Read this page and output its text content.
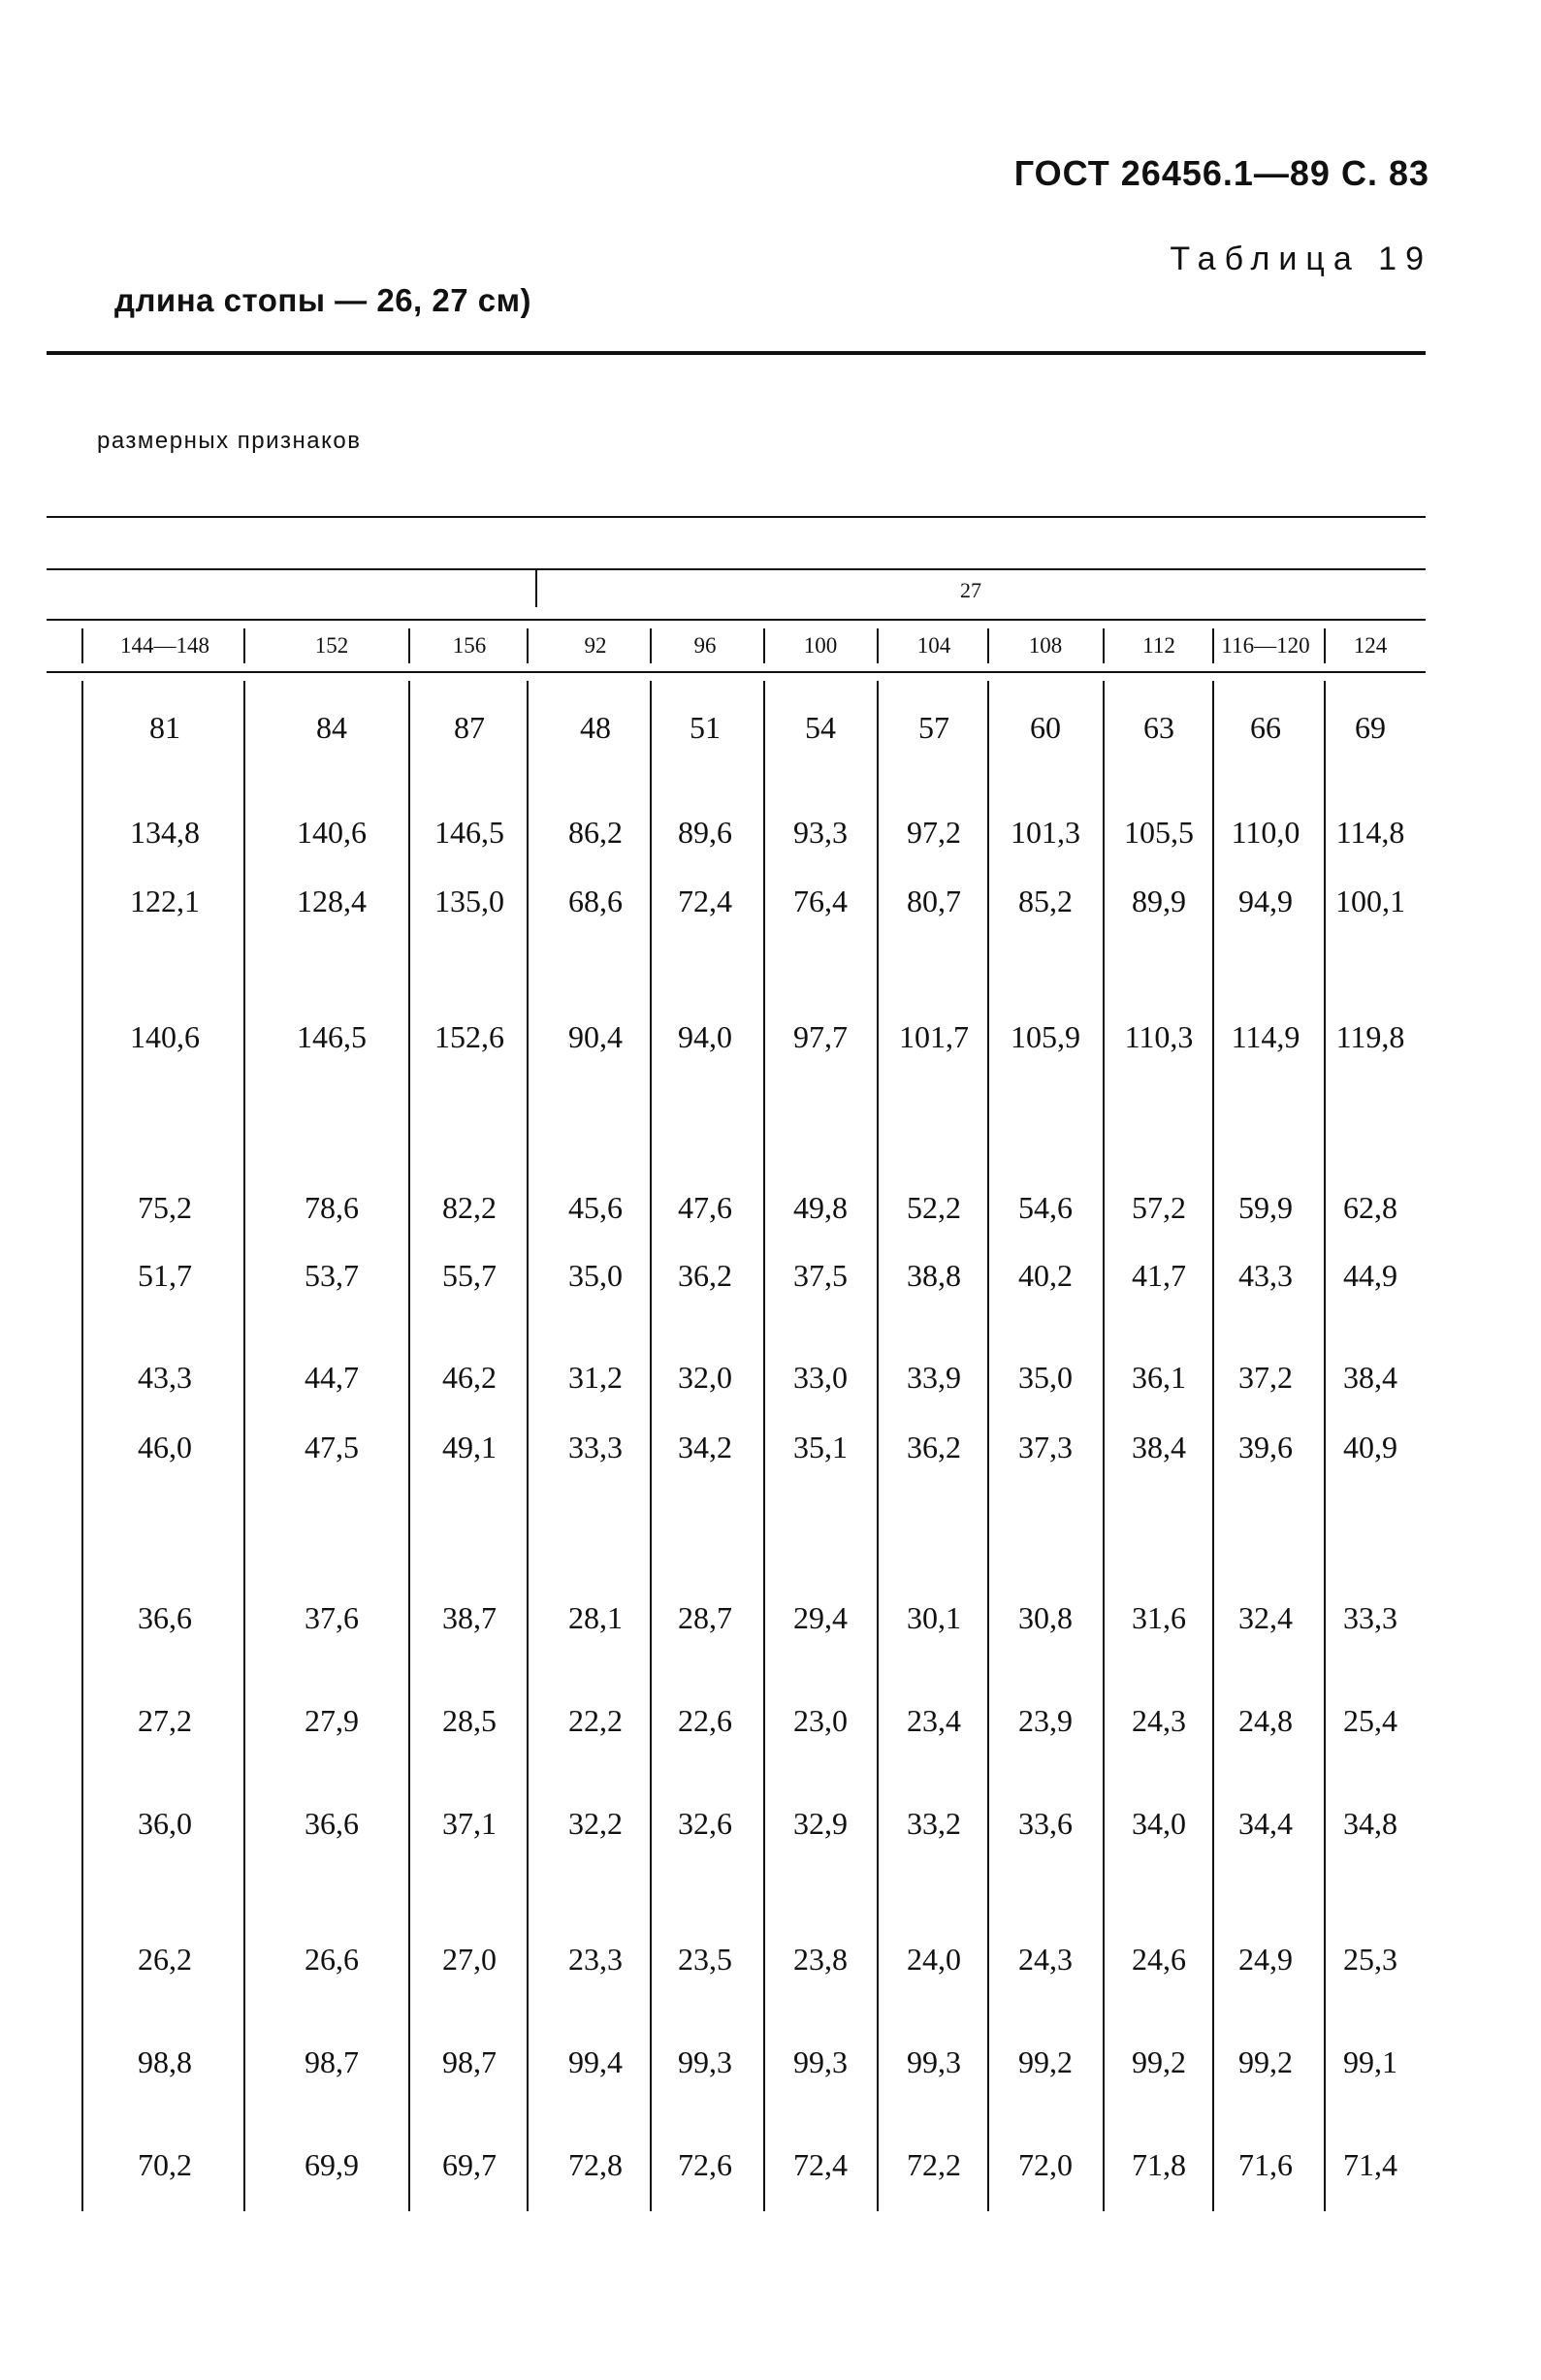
ГОСТ 26456.1—89 С. 83
Таблица 19
длина стопы — 26, 27 см)
размерных признаков
27
144—148	152	156	92	96	100	104	108	112	116—120	124
81	84	87	48	51	54	57	60	63	66	69
134,8	140,6	146,5	86,2	89,6	93,3	97,2	101,3	105,5	110,0	114,8
122,1	128,4	135,0	68,6	72,4	76,4	80,7	85,2	89,9	94,9	100,1
140,6	146,5	152,6	90,4	94,0	97,7	101,7	105,9	110,3	114,9	119,8
75,2	78,6	82,2	45,6	47,6	49,8	52,2	54,6	57,2	59,9	62,8
51,7	53,7	55,7	35,0	36,2	37,5	38,8	40,2	41,7	43,3	44,9
43,3	44,7	46,2	31,2	32,0	33,0	33,9	35,0	36,1	37,2	38,4
46,0	47,5	49,1	33,3	34,2	35,1	36,2	37,3	38,4	39,6	40,9
36,6	37,6	38,7	28,1	28,7	29,4	30,1	30,8	31,6	32,4	33,3
27,2	27,9	28,5	22,2	22,6	23,0	23,4	23,9	24,3	24,8	25,4
36,0	36,6	37,1	32,2	32,6	32,9	33,2	33,6	34,0	34,4	34,8
26,2	26,6	27,0	23,3	23,5	23,8	24,0	24,3	24,6	24,9	25,3
98,8	98,7	98,7	99,4	99,3	99,3	99,3	99,2	99,2	99,2	99,1
70,2	69,9	69,7	72,8	72,6	72,4	72,2	72,0	71,8	71,6	71,4
